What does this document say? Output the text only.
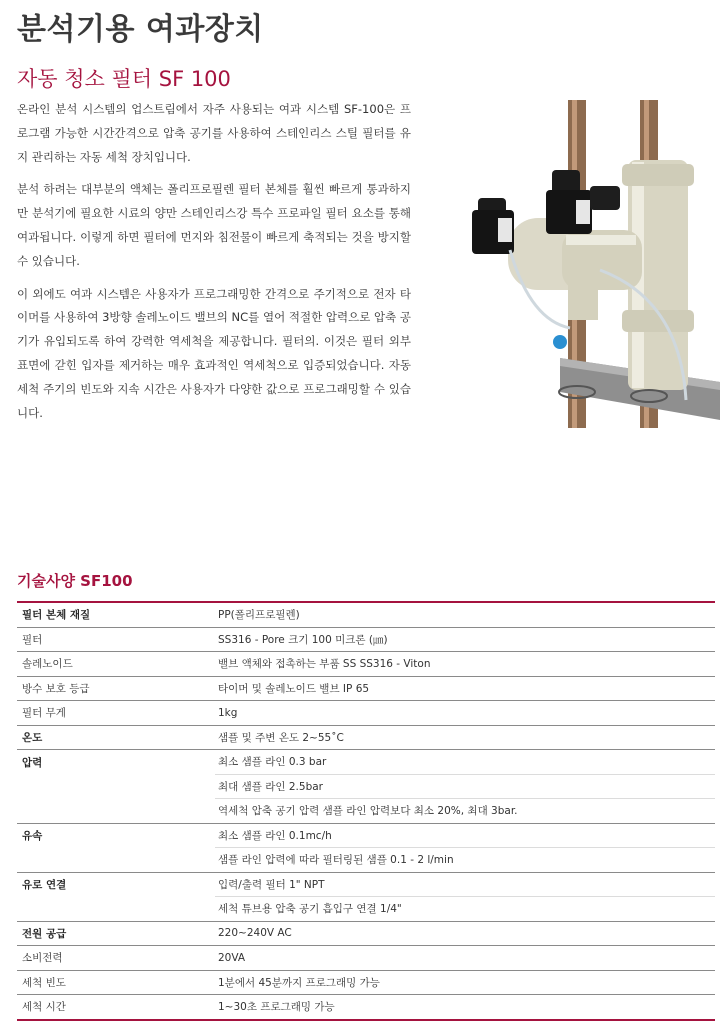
분석기용 여과장치
자동 청소 필터 SF 100

온라인 분석 시스템의 업스트림에서 자주 사용되는 여과 시스템 SF-100은 프로그램 가능한 시간간격으로 압축 공기를 사용하여 스테인리스 스틸 필터를 유지 관리하는 자동 세척 장치입니다.

분석 하려는 대부분의 액체는 폴리프로필렌 필터 본체를 훨씬 빠르게 통과하지만 분석기에 필요한 시료의 양만 스테인리스강 특수 프로파일 필터 요소를 통해 여과됩니다. 이렇게 하면 필터에 먼지와 침전물이 빠르게 축적되는 것을 방지할 수 있습니다.

이 외에도 여과 시스템은 사용자가 프로그래밍한 간격으로 주기적으로 전자 타이머를 사용하여 3방향 솔레노이드 밸브의 NC를 열어 적절한 압력으로 압축 공기가 유입되도록 하여 강력한 역세척을 제공합니다. 필터의. 이것은 필터 외부 표면에 갇힌 입자를 제거하는 매우 효과적인 역세척으로 입증되었습니다. 자동 세척 주기의 빈도와 지속 시간은 사용자가 다양한 값으로 프로그래밍할 수 있습니다.

기술사양 SF100
필터 본체 재질	PP(폴리프로필렌)
필터	SS316 - Pore 크기 100 미크론 (㎛)
솔레노이드	밸브 액체와 접촉하는 부품 SS SS316 - Viton
방수 보호 등급	타이머 및 솔레노이드 밸브 IP 65
필터 무게	1kg
온도	샘플 및 주변 온도 2~55˚C
압력	최소 샘플 라인 0.3 bar
	최대 샘플 라인 2.5bar
	역세척 압축 공기 압력 샘플 라인 압력보다 최소 20%, 최대 3bar.
유속	최소 샘플 라인 0.1mc/h
	샘플 라인 압력에 따라 필터링된 샘플 0.1 - 2 l/min
유로 연결	입력/출력 필터 1" NPT
	세척 튜브용 압축 공기 흡입구 연결 1/4"
전원 공급	220~240V AC
소비전력	20VA
세척 빈도	1분에서 45분까지 프로그래밍 가능
세척 시간	1~30초 프로그래밍 가능
